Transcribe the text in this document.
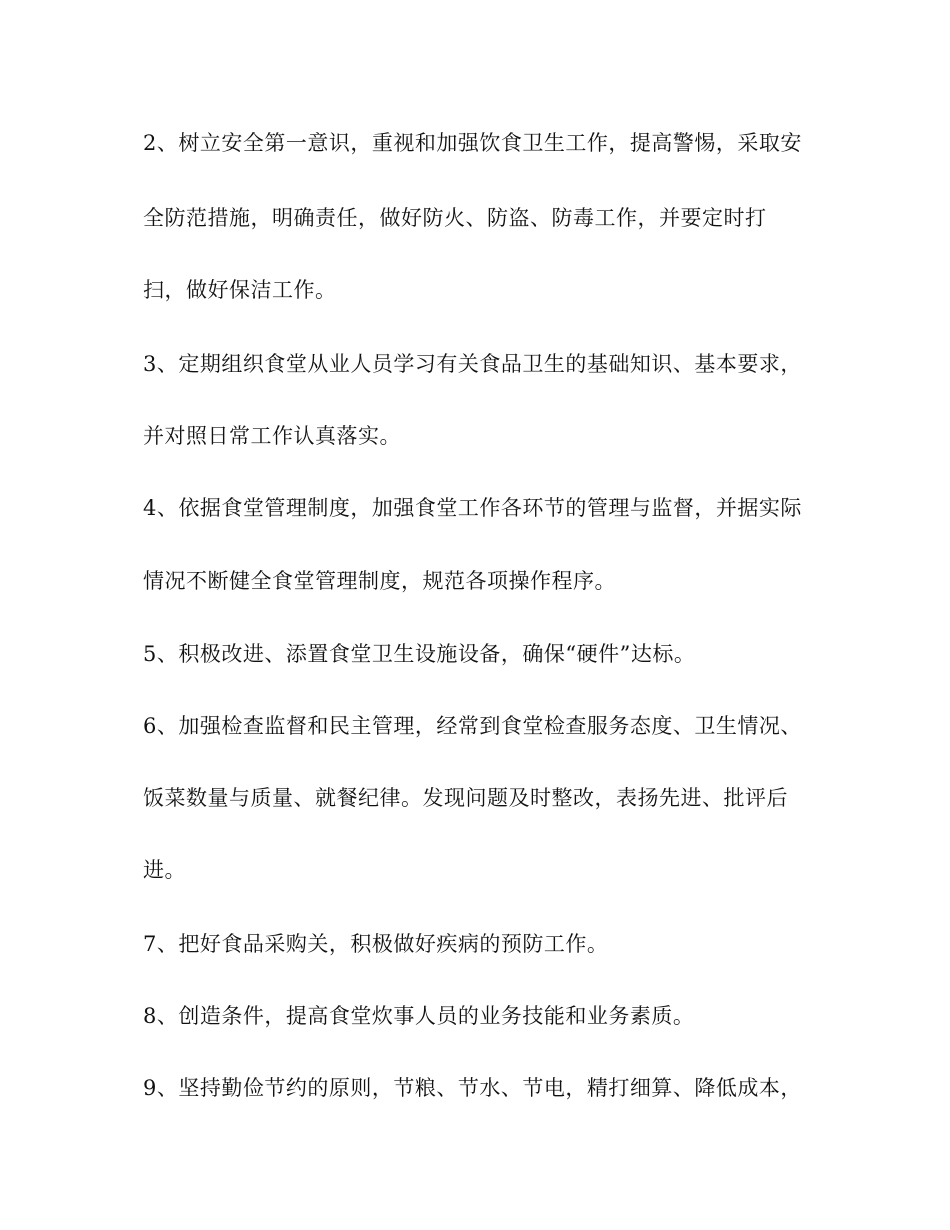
2、树立安全第一意识，重视和加强饮食卫生工作，提高警惕，采取安
全防范措施，明确责任，做好防火、防盗、防毒工作，并要定时打
扫，做好保洁工作。
3、定期组织食堂从业人员学习有关食品卫生的基础知识、基本要求，
并对照日常工作认真落实。
4、依据食堂管理制度，加强食堂工作各环节的管理与监督，并据实际
情况不断健全食堂管理制度，规范各项操作程序。
5、积极改进、添置食堂卫生设施设备，确保“硬件”达标。
6、加强检查监督和民主管理，经常到食堂检查服务态度、卫生情况、
饭菜数量与质量、就餐纪律。发现问题及时整改，表扬先进、批评后
进。
7、把好食品采购关，积极做好疾病的预防工作。
8、创造条件，提高食堂炊事人员的业务技能和业务素质。
9、坚持勤俭节约的原则，节粮、节水、节电，精打细算、降低成本，
